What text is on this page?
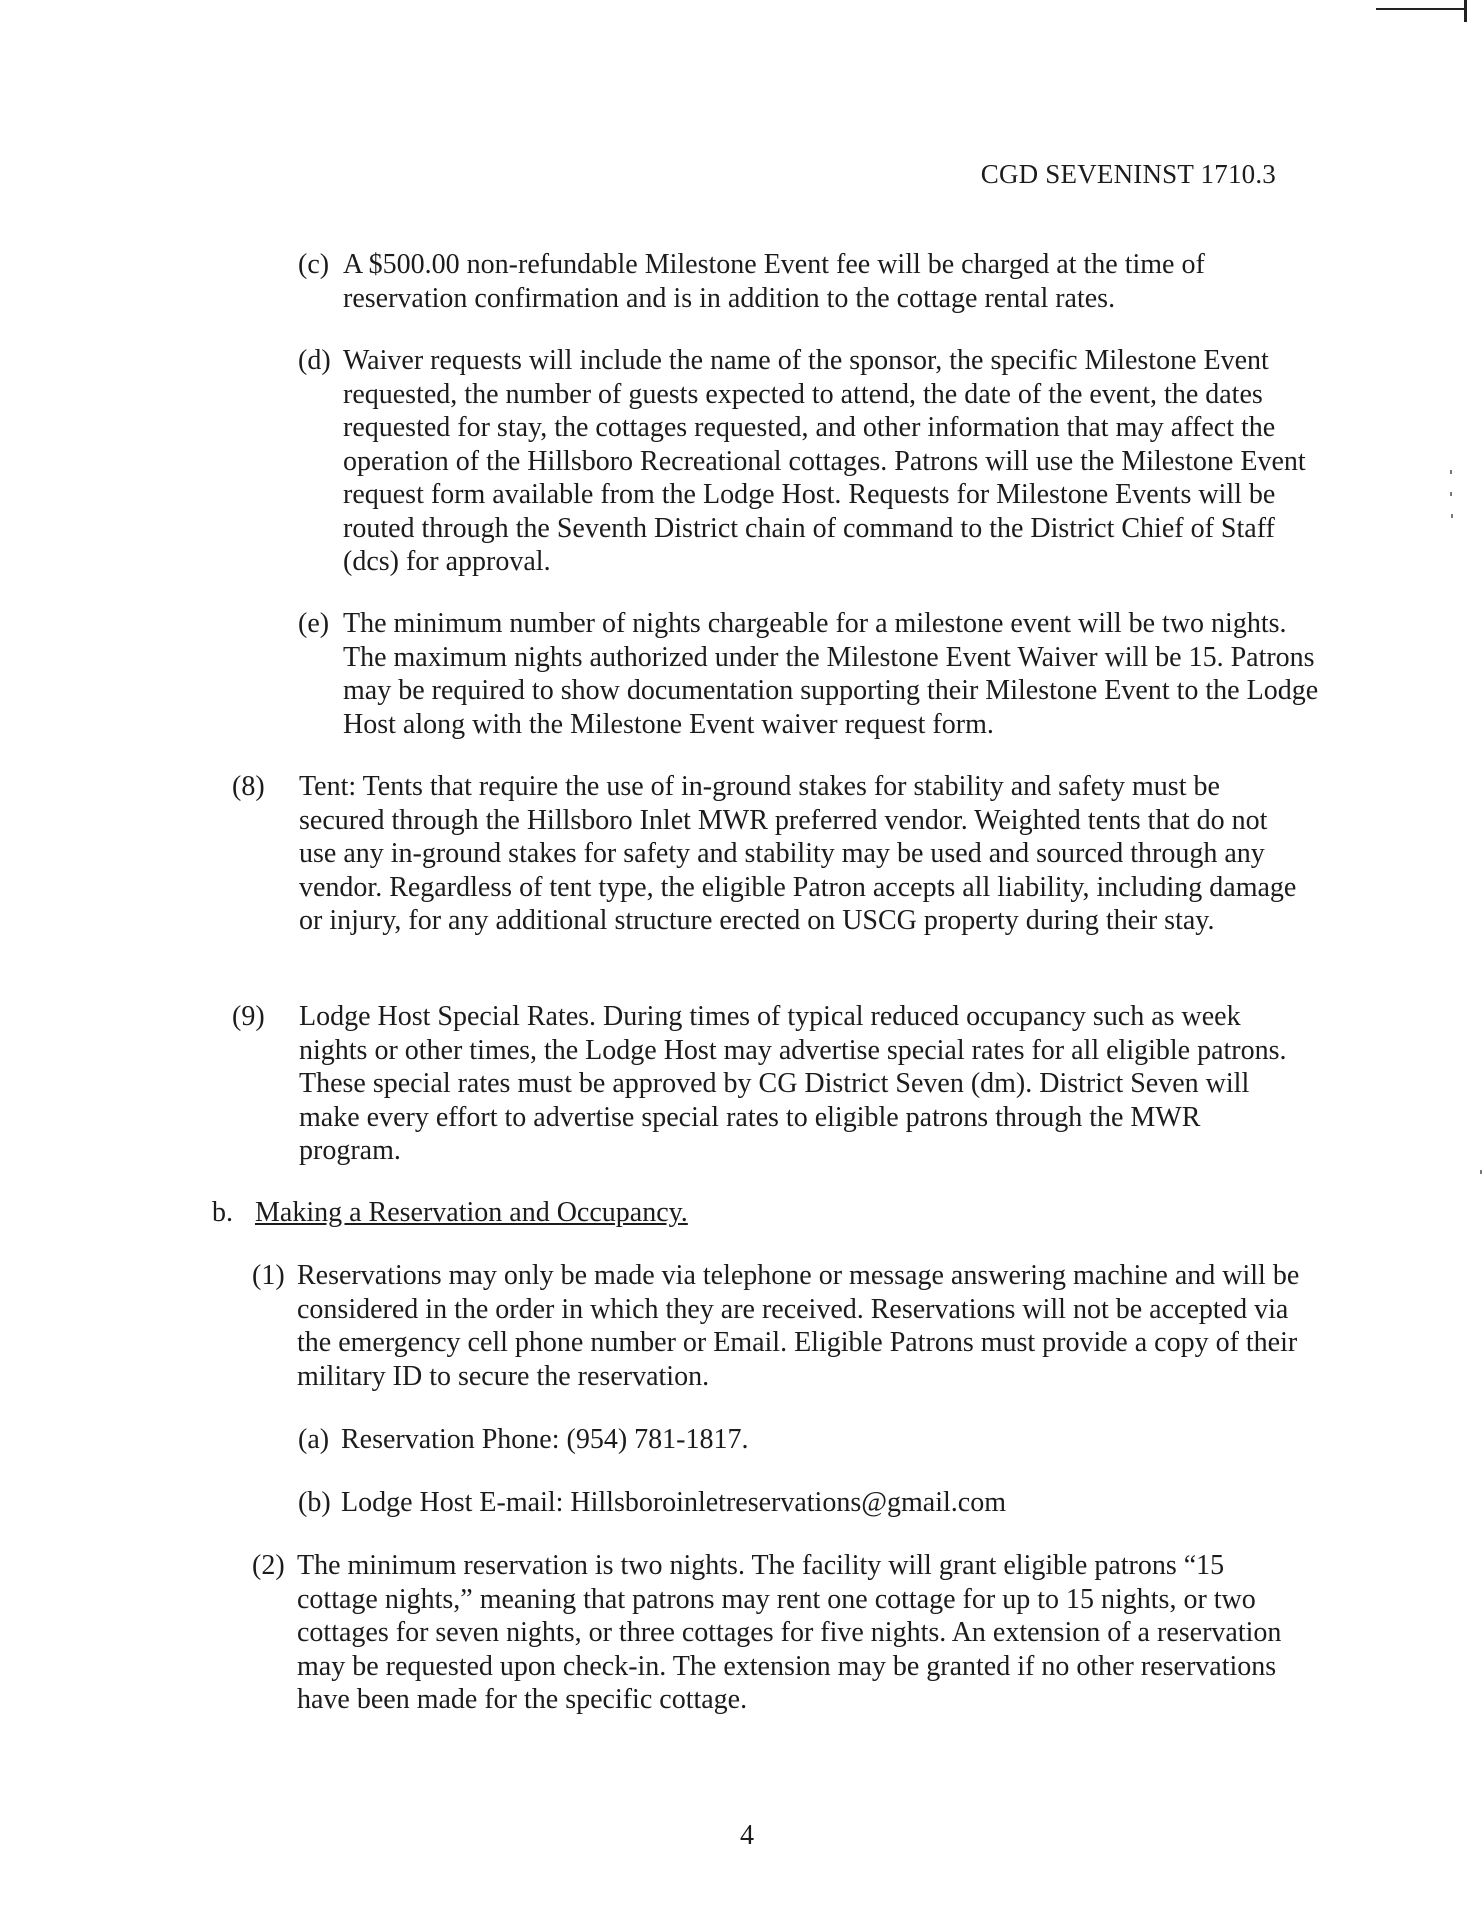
CGD SEVENINST 1710.3
(c) A $500.00 non-refundable Milestone Event fee will be charged at the time of reservation confirmation and is in addition to the cottage rental rates.
(d) Waiver requests will include the name of the sponsor, the specific Milestone Event requested, the number of guests expected to attend, the date of the event, the dates requested for stay, the cottages requested, and other information that may affect the operation of the Hillsboro Recreational cottages. Patrons will use the Milestone Event request form available from the Lodge Host. Requests for Milestone Events will be routed through the Seventh District chain of command to the District Chief of Staff (dcs) for approval.
(e) The minimum number of nights chargeable for a milestone event will be two nights. The maximum nights authorized under the Milestone Event Waiver will be 15. Patrons may be required to show documentation supporting their Milestone Event to the Lodge Host along with the Milestone Event waiver request form.
(8) Tent: Tents that require the use of in-ground stakes for stability and safety must be secured through the Hillsboro Inlet MWR preferred vendor. Weighted tents that do not use any in-ground stakes for safety and stability may be used and sourced through any vendor. Regardless of tent type, the eligible Patron accepts all liability, including damage or injury, for any additional structure erected on USCG property during their stay.
(9) Lodge Host Special Rates. During times of typical reduced occupancy such as week nights or other times, the Lodge Host may advertise special rates for all eligible patrons. These special rates must be approved by CG District Seven (dm). District Seven will make every effort to advertise special rates to eligible patrons through the MWR program.
b. Making a Reservation and Occupancy.
(1) Reservations may only be made via telephone or message answering machine and will be considered in the order in which they are received. Reservations will not be accepted via the emergency cell phone number or Email. Eligible Patrons must provide a copy of their military ID to secure the reservation.
(a) Reservation Phone: (954) 781-1817.
(b) Lodge Host E-mail: Hillsboroinletreservations@gmail.com
(2) The minimum reservation is two nights. The facility will grant eligible patrons “15 cottage nights,” meaning that patrons may rent one cottage for up to 15 nights, or two cottages for seven nights, or three cottages for five nights. An extension of a reservation may be requested upon check-in. The extension may be granted if no other reservations have been made for the specific cottage.
4
